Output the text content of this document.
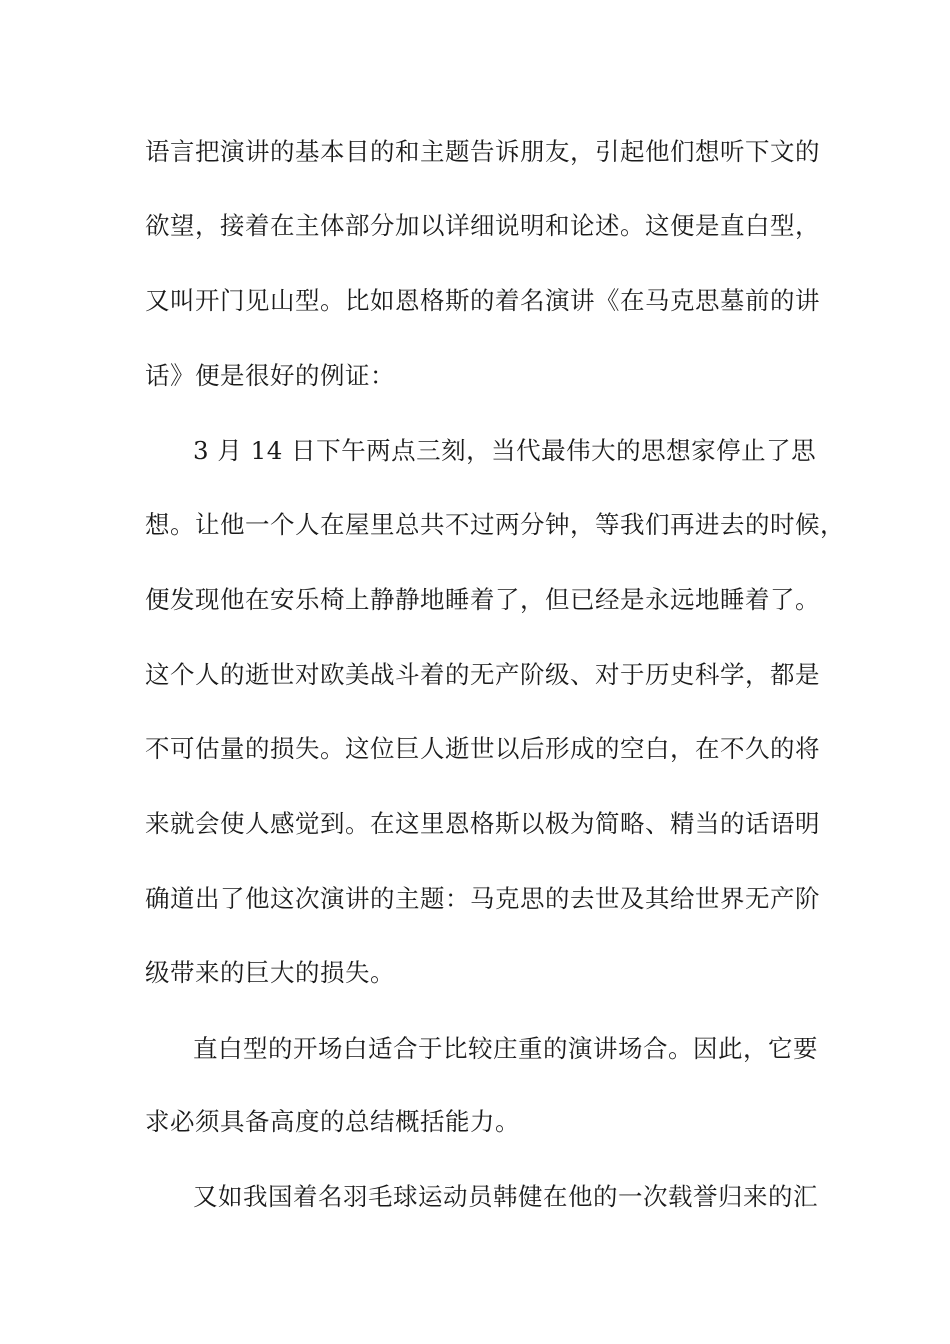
语言把演讲的基本目的和主题告诉朋友，引起他们想听下文的
欲望，接着在主体部分加以详细说明和论述。这便是直白型，
又叫开门见山型。比如恩格斯的着名演讲《在马克思墓前的讲
话》便是很好的例证：
3 月 14 日下午两点三刻，当代最伟大的思想家停止了思
想。让他一个人在屋里总共不过两分钟，等我们再进去的时候，
便发现他在安乐椅上静静地睡着了，但已经是永远地睡着了。
这个人的逝世对欧美战斗着的无产阶级、对于历史科学，都是
不可估量的损失。这位巨人逝世以后形成的空白，在不久的将
来就会使人感觉到。在这里恩格斯以极为简略、精当的话语明
确道出了他这次演讲的主题：马克思的去世及其给世界无产阶
级带来的巨大的损失。
直白型的开场白适合于比较庄重的演讲场合。因此，它要
求必须具备高度的总结概括能力。
又如我国着名羽毛球运动员韩健在他的一次载誉归来的汇
